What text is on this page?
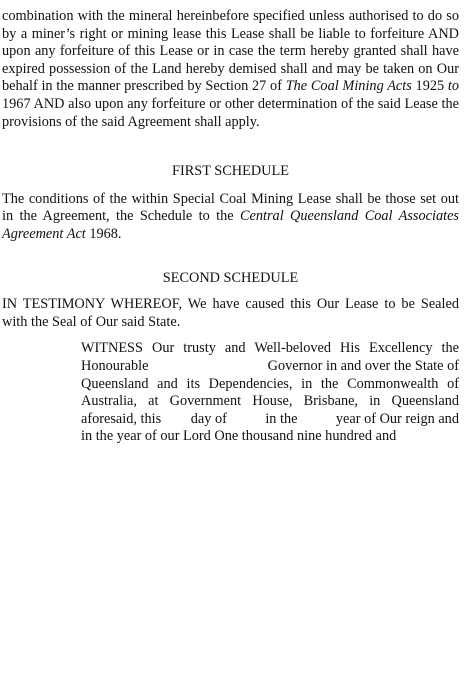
combination with the mineral hereinbefore specified unless authorised to do so by a miner’s right or mining lease this Lease shall be liable to forfeiture AND upon any forfeiture of this Lease or in case the term hereby granted shall have expired possession of the Land hereby demised shall and may be taken on Our behalf in the manner prescribed by Section 27 of The Coal Mining Acts 1925 to 1967 AND also upon any forfeiture or other determination of the said Lease the provisions of the said Agreement shall apply.

FIRST SCHEDULE

The conditions of the within Special Coal Mining Lease shall be those set out in the Agreement, the Schedule to the Central Queensland Coal Associates Agreement Act 1968.

SECOND SCHEDULE

IN TESTIMONY WHEREOF, We have caused this Our Lease to be Sealed with the Seal of Our said State.

WITNESS Our trusty and Well-beloved His Excellency the

Honourable	Governor in and over the State of

Queensland and its Dependencies, in the Commonwealth of

Australia, at Government House, Brisbane, in Queensland

aforesaid, this day of	in the	year of Our reign and

in the year of our Lord One thousand nine hundred and
